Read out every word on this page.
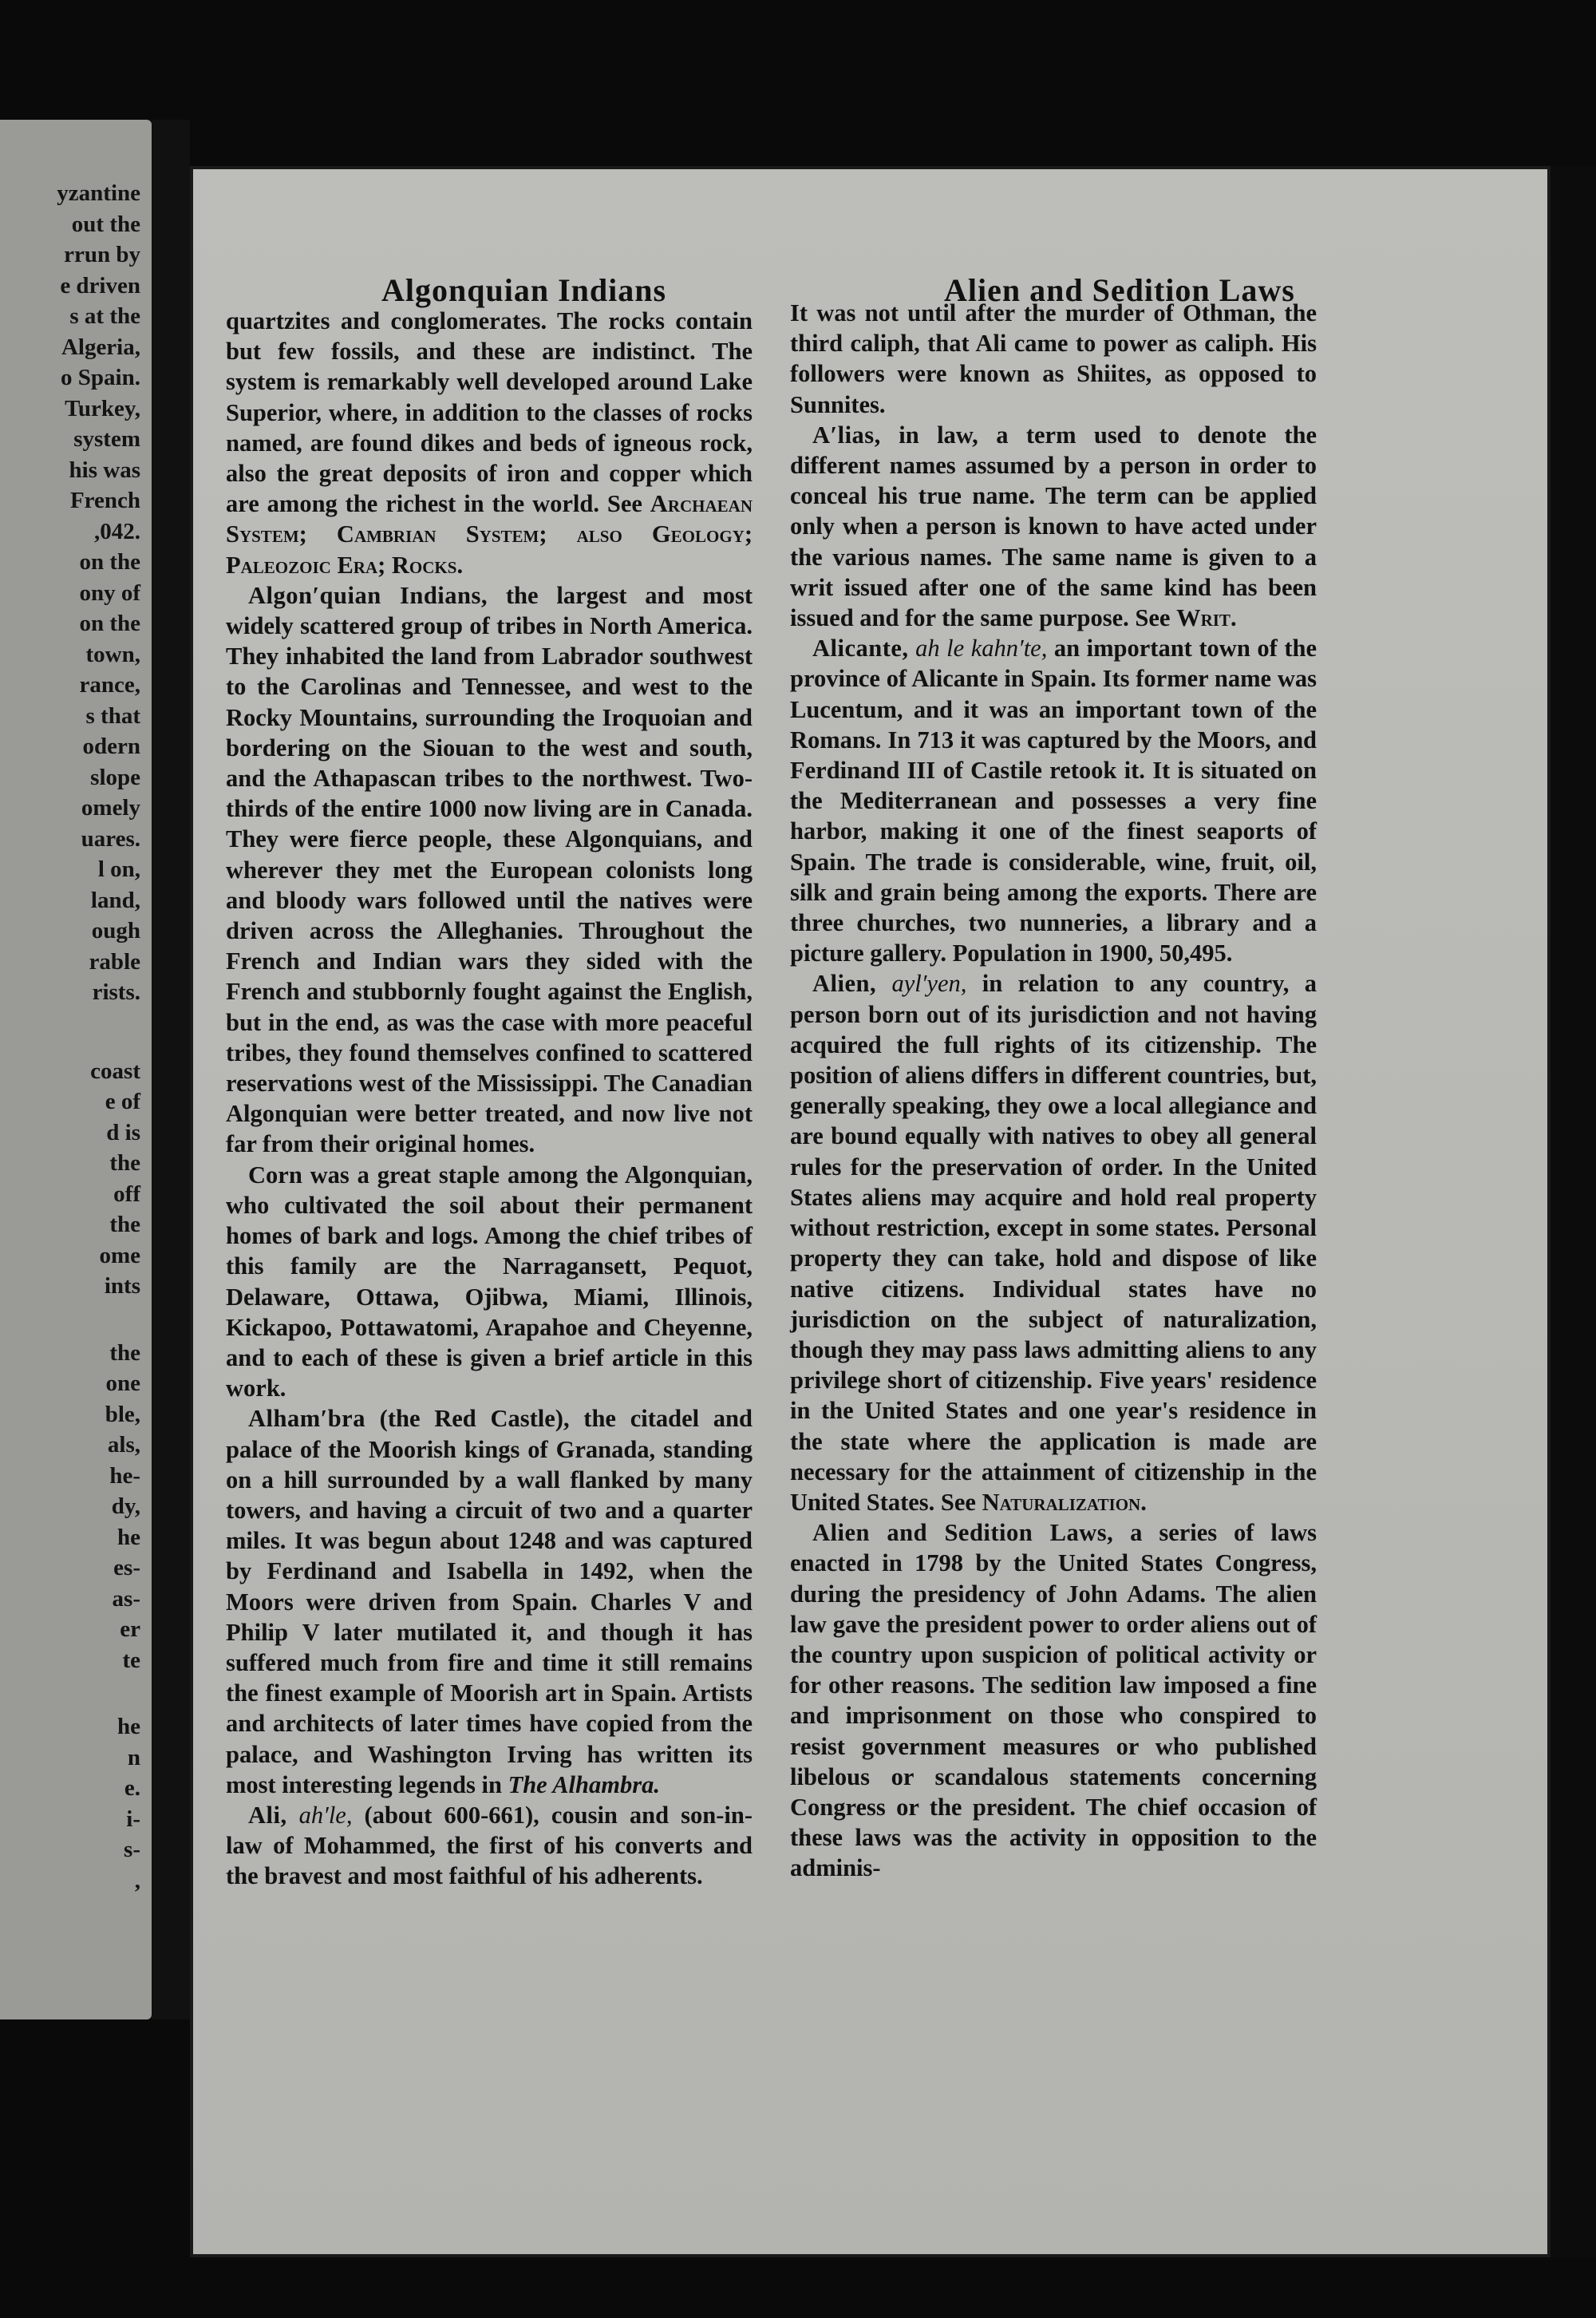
yzantine
out the
rrun by
e driven
s at the
Algeria,
o Spain.
Turkey,
system
his was
French
,042.
on the
ony of
on the
town,
rance,
s that
odern
slope
omely
uares.
l on,
land,
ough
rable
rists.
coast
e of
d is
the
off
the
ome
ints
the
one
ble,
als,
he-
dy,
he
es-
as-
er
te
he
n
e.
i-
s-
,
Algonquian Indians	Alien and Sedition Laws

quartzites and conglomerates. The rocks contain but few fossils, and these are indistinct. The system is remarkably well developed around Lake Superior, where, in addition to the classes of rocks named, are found dikes and beds of igneous rock, also the great deposits of iron and copper which are among the richest in the world. See Archaean System; Cambrian System; also Geology; Paleozoic Era; Rocks.

Algon′quian Indians, the largest and most widely scattered group of tribes in North America. They inhabited the land from Labrador southwest to the Carolinas and Tennessee, and west to the Rocky Mountains, surrounding the Iroquoian and bordering on the Siouan to the west and south, and the Athapascan tribes to the northwest. Two-thirds of the entire 1000 now living are in Canada. They were fierce people, these Algonquians, and wherever they met the European colonists long and bloody wars followed until the natives were driven across the Alleghanies. Throughout the French and Indian wars they sided with the French and stubbornly fought against the English, but in the end, as was the case with more peaceful tribes, they found themselves confined to scattered reservations west of the Mississippi. The Canadian Algonquian were better treated, and now live not far from their original homes.

Corn was a great staple among the Algonquian, who cultivated the soil about their permanent homes of bark and logs. Among the chief tribes of this family are the Narragansett, Pequot, Delaware, Ottawa, Ojibwa, Miami, Illinois, Kickapoo, Pottawatomi, Arapahoe and Cheyenne, and to each of these is given a brief article in this work.

Alham′bra (the Red Castle), the citadel and palace of the Moorish kings of Granada, standing on a hill surrounded by a wall flanked by many towers, and having a circuit of two and a quarter miles. It was begun about 1248 and was captured by Ferdinand and Isabella in 1492, when the Moors were driven from Spain. Charles V and Philip V later mutilated it, and though it has suffered much from fire and time it still remains the finest example of Moorish art in Spain. Artists and architects of later times have copied from the palace, and Washington Irving has written its most interesting legends in The Alhambra.

Ali, ah′le, (about 600-661), cousin and son-in-law of Mohammed, the first of his converts and the bravest and most faithful of his adherents.

It was not until after the murder of Othman, the third caliph, that Ali came to power as caliph. His followers were known as Shiites, as opposed to Sunnites.

A′lias, in law, a term used to denote the different names assumed by a person in order to conceal his true name. The term can be applied only when a person is known to have acted under the various names. The same name is given to a writ issued after one of the same kind has been issued and for the same purpose. See Writ.

Alicante, ah le kahn′te, an important town of the province of Alicante in Spain. Its former name was Lucentum, and it was an important town of the Romans. In 713 it was captured by the Moors, and Ferdinand III of Castile retook it. It is situated on the Mediterranean and possesses a very fine harbor, making it one of the finest seaports of Spain. The trade is considerable, wine, fruit, oil, silk and grain being among the exports. There are three churches, two nunneries, a library and a picture gallery. Population in 1900, 50,495.

Alien, ayl′yen, in relation to any country, a person born out of its jurisdiction and not having acquired the full rights of its citizenship. The position of aliens differs in different countries, but, generally speaking, they owe a local allegiance and are bound equally with natives to obey all general rules for the preservation of order. In the United States aliens may acquire and hold real property without restriction, except in some states. Personal property they can take, hold and dispose of like native citizens. Individual states have no jurisdiction on the subject of naturalization, though they may pass laws admitting aliens to any privilege short of citizenship. Five years' residence in the United States and one year's residence in the state where the application is made are necessary for the attainment of citizenship in the United States. See Naturalization.

Alien and Sedition Laws, a series of laws enacted in 1798 by the United States Congress, during the presidency of John Adams. The alien law gave the president power to order aliens out of the country upon suspicion of political activity or for other reasons. The sedition law imposed a fine and imprisonment on those who conspired to resist government measures or who published libelous or scandalous statements concerning Congress or the president. The chief occasion of these laws was the activity in opposition to the adminis-
